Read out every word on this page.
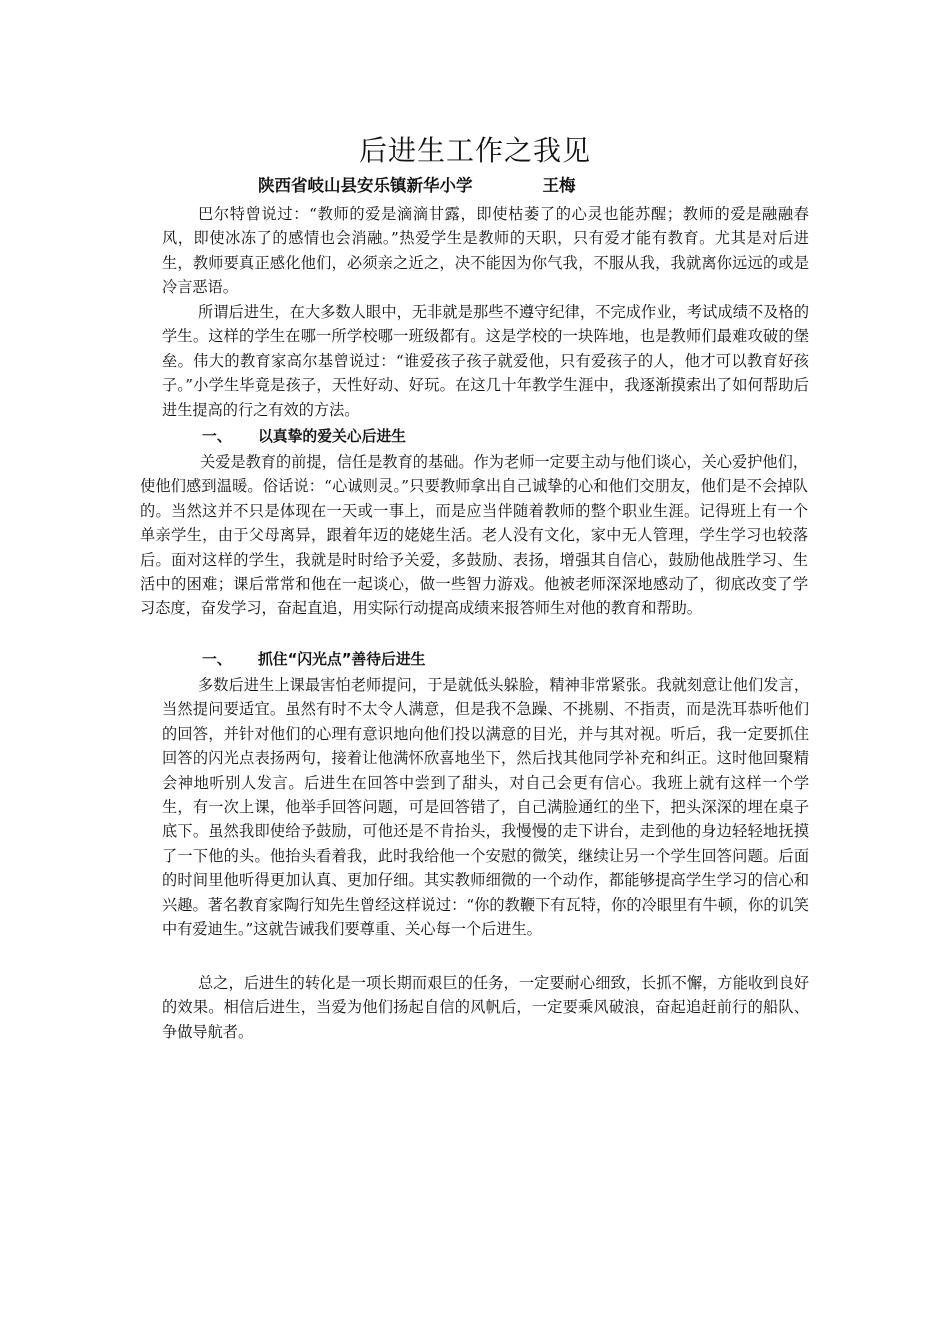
后进生工作之我见
陕西省岐山县安乐镇新华小学	王梅

巴尔特曾说过：“教师的爱是滴滴甘露，即使枯萎了的心灵也能苏醒；教师的爱是融融春风，即使冰冻了的感情也会消融。”热爱学生是教师的天职，只有爱才能有教育。尤其是对后进生，教师要真正感化他们，必须亲之近之，决不能因为你气我，不服从我，我就离你远远的或是冷言恶语。

所谓后进生，在大多数人眼中，无非就是那些不遵守纪律，不完成作业，考试成绩不及格的学生。这样的学生在哪一所学校哪一班级都有。这是学校的一块阵地，也是教师们最难攻破的堡垒。伟大的教育家高尔基曾说过：“谁爱孩子孩子就爱他，只有爱孩子的人，他才可以教育好孩子。”小学生毕竟是孩子，天性好动、好玩。在这几十年教学生涯中，我逐渐摸索出了如何帮助后进生提高的行之有效的方法。

一、 以真挚的爱关心后进生

关爱是教育的前提，信任是教育的基础。作为老师一定要主动与他们谈心，关心爱护他们，使他们感到温暖。俗话说：“心诚则灵。”只要教师拿出自己诚挚的心和他们交朋友，他们是不会掉队的。当然这并不只是体现在一天或一事上，而是应当伴随着教师的整个职业生涯。记得班上有一个单亲学生，由于父母离异，跟着年迈的姥姥生活。老人没有文化，家中无人管理，学生学习也较落后。面对这样的学生，我就是时时给予关爱，多鼓励、表扬，增强其自信心，鼓励他战胜学习、生活中的困难；课后常常和他在一起谈心，做一些智力游戏。他被老师深深地感动了，彻底改变了学习态度，奋发学习，奋起直追，用实际行动提高成绩来报答师生对他的教育和帮助。

一、 抓住“闪光点”善待后进生

多数后进生上课最害怕老师提问，于是就低头躲脸，精神非常紧张。我就刻意让他们发言，当然提问要适宜。虽然有时不太令人满意，但是我不急躁、不挑剔、不指责，而是洗耳恭听他们的回答，并针对他们的心理有意识地向他们投以满意的目光，并与其对视。听后，我一定要抓住回答的闪光点表扬两句，接着让他满怀欣喜地坐下，然后找其他同学补充和纠正。这时他回聚精会神地听别人发言。后进生在回答中尝到了甜头，对自己会更有信心。我班上就有这样一个学生，有一次上课，他举手回答问题，可是回答错了，自己满脸通红的坐下，把头深深的埋在桌子底下。虽然我即使给予鼓励，可他还是不肯抬头，我慢慢的走下讲台，走到他的身边轻轻地抚摸了一下他的头。他抬头看着我，此时我给他一个安慰的微笑，继续让另一个学生回答问题。后面的时间里他听得更加认真、更加仔细。其实教师细微的一个动作，都能够提高学生学习的信心和兴趣。著名教育家陶行知先生曾经这样说过：“你的教鞭下有瓦特，你的冷眼里有牛顿，你的讥笑中有爱迪生。”这就告诫我们要尊重、关心每一个后进生。

总之，后进生的转化是一项长期而艰巨的任务，一定要耐心细致，长抓不懈，方能收到良好的效果。相信后进生，当爱为他们扬起自信的风帆后，一定要乘风破浪，奋起追赶前行的船队、争做导航者。
